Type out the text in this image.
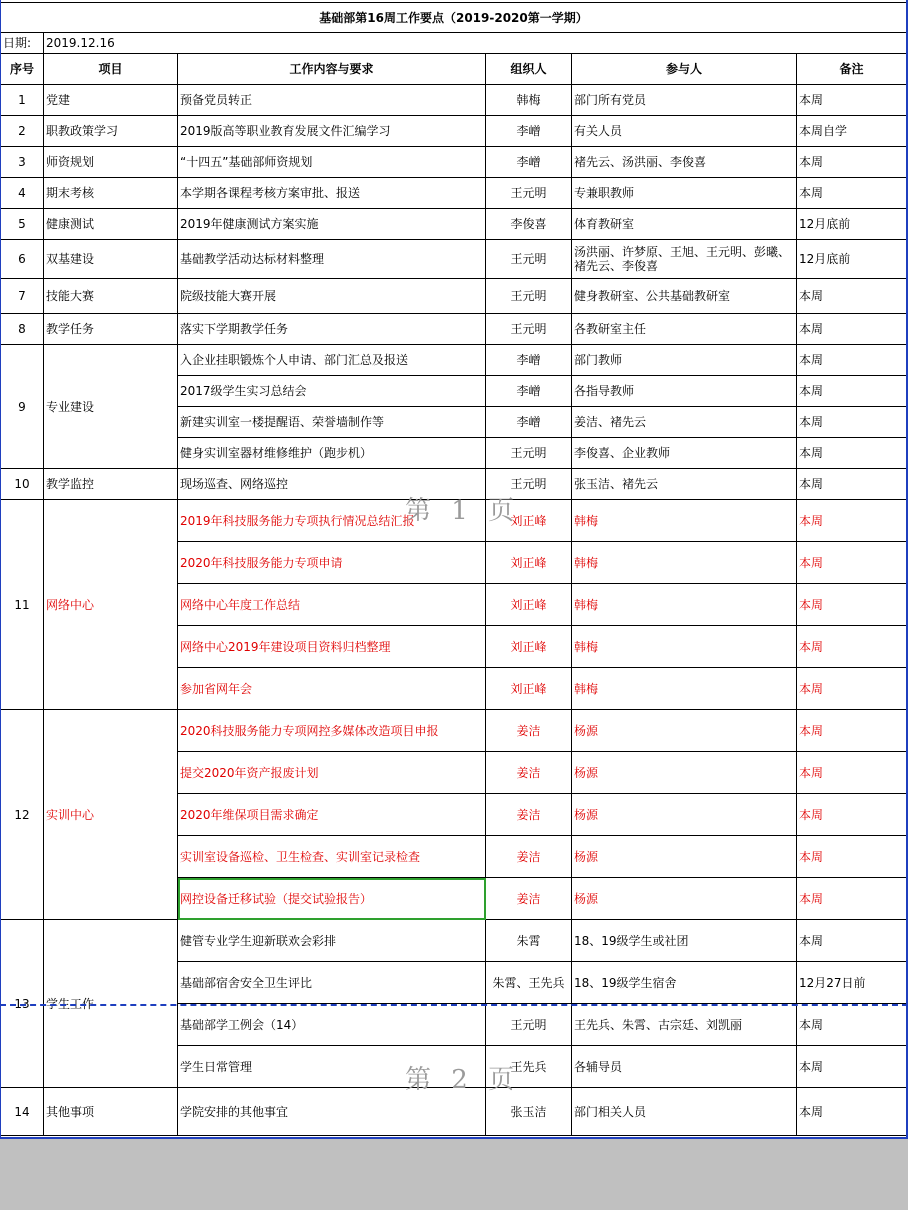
基础部第16周工作要点（2019-2020第一学期）					
日期:	2019.12.16				
序号	项目	工作内容与要求	组织人	参与人	备注
1	党建	预备党员转正	韩梅	部门所有党员	本周
2	职教政策学习	2019版高等职业教育发展文件汇编学习	李嶒	有关人员	本周自学
3	师资规划	“十四五”基础部师资规划	李嶒	褚先云、汤洪丽、李俊喜	本周
4	期末考核	本学期各课程考核方案审批、报送	王元明	专兼职教师	本周
5	健康测试	2019年健康测试方案实施	李俊喜	体育教研室	12月底前
6	双基建设	基础教学活动达标材料整理	王元明	汤洪丽、许梦原、王旭、王元明、彭曦、褚先云、李俊喜	12月底前
7	技能大赛	院级技能大赛开展	王元明	健身教研室、公共基础教研室	本周
8	教学任务	落实下学期教学任务	王元明	各教研室主任	本周
9	专业建设	入企业挂职锻炼个人申请、部门汇总及报送	李嶒	部门教师	本周
		2017级学生实习总结会	李嶒	各指导教师	本周
		新建实训室一楼提醒语、荣誉墙制作等	李嶒	姜洁、褚先云	本周
		健身实训室器材维修维护（跑步机）	王元明	李俊喜、企业教师	本周
10	教学监控	现场巡查、网络巡控	王元明	张玉洁、褚先云	本周
11	网络中心	2019年科技服务能力专项执行情况总结汇报	刘正峰	韩梅	本周
		2020年科技服务能力专项申请	刘正峰	韩梅	本周
		网络中心年度工作总结	刘正峰	韩梅	本周
		网络中心2019年建设项目资料归档整理	刘正峰	韩梅	本周
		参加省网年会	刘正峰	韩梅	本周
12	实训中心	2020科技服务能力专项网控多媒体改造项目申报	姜洁	杨源	本周
		提交2020年资产报废计划	姜洁	杨源	本周
		2020年维保项目需求确定	姜洁	杨源	本周
		实训室设备巡检、卫生检查、实训室记录检查	姜洁	杨源	本周
		网控设备迁移试验（提交试验报告）	姜洁	杨源	本周
13	学生工作	健管专业学生迎新联欢会彩排	朱霄	18、19级学生或社团	本周
		基础部宿舍安全卫生评比	朱霄、王先兵	18、19级学生宿舍	12月27日前
		基础部学工例会（14）	王元明	王先兵、朱霄、古宗廷、刘凯丽	本周
		学生日常管理	王先兵	各辅导员	本周
14	其他事项	学院安排的其他事宜	张玉洁	部门相关人员	本周
第 1 页
第 2 页
